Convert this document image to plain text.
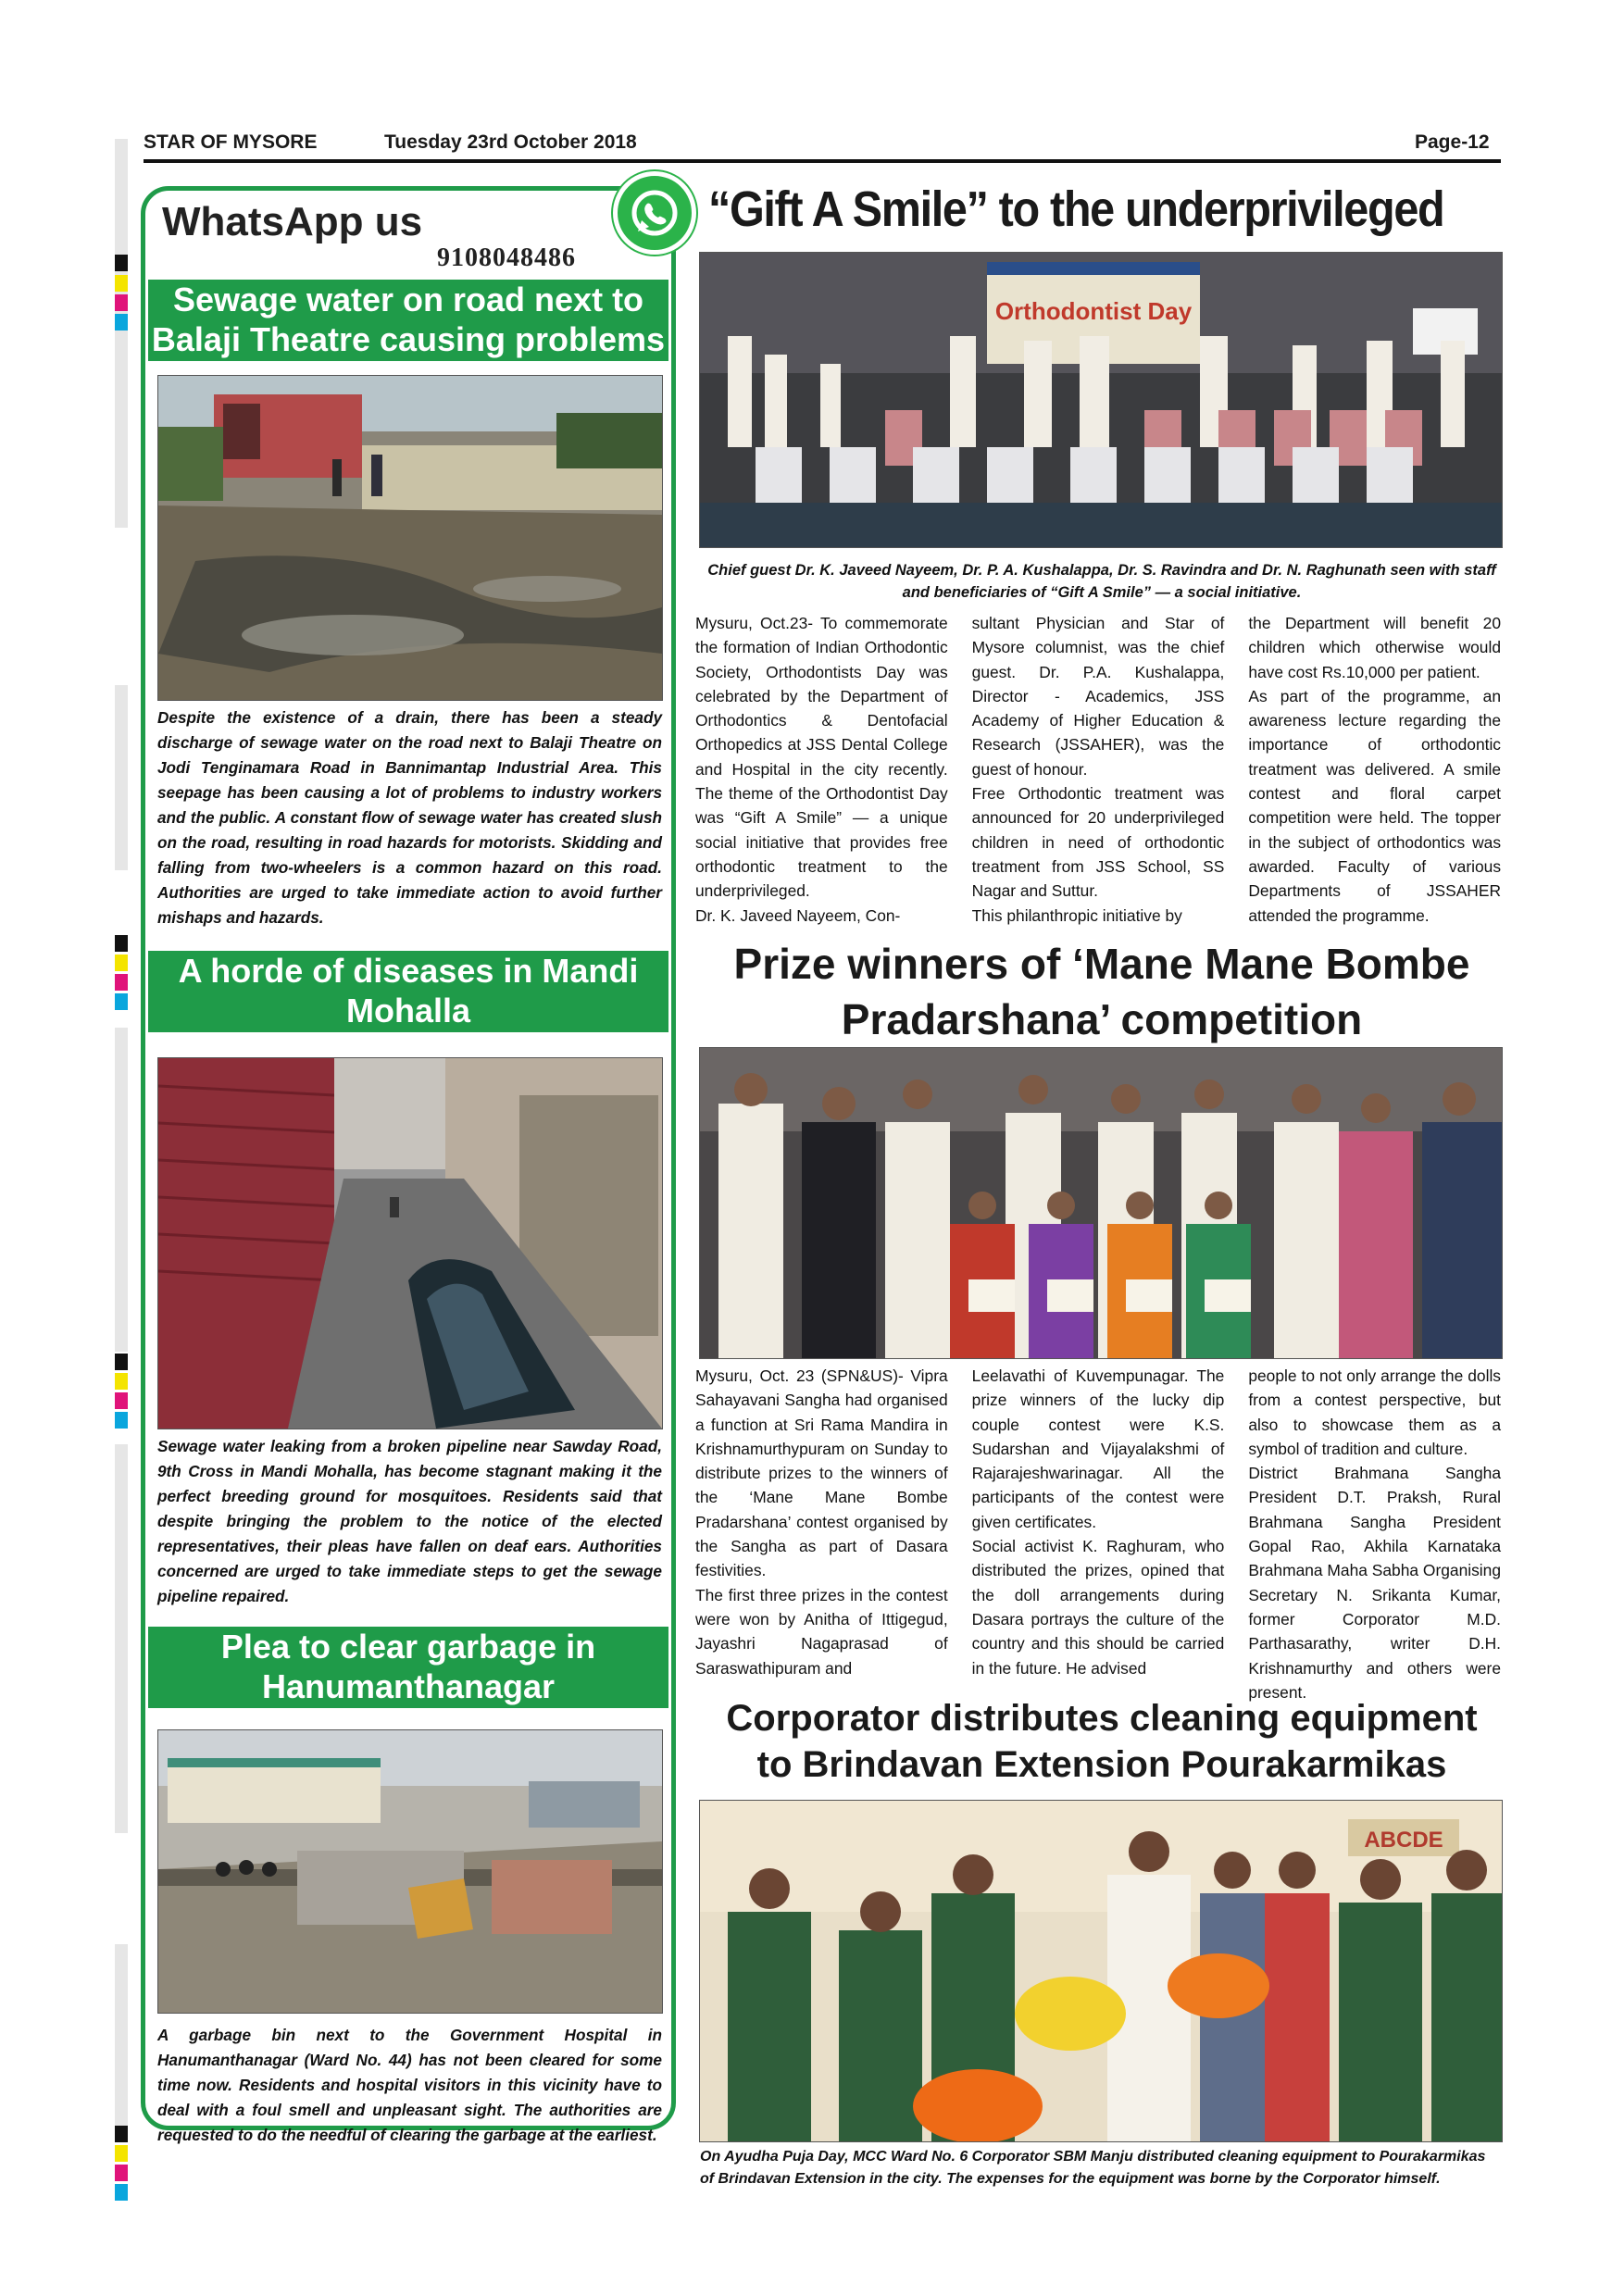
STAR OF MYSORE	Tuesday 23rd October 2018	Page-12
WhatsApp us
9108048486
Sewage water on road next to Balaji Theatre causing problems
Despite the existence of a drain, there has been a steady discharge of sewage water on the road next to Balaji Theatre on Jodi Tenginamara Road in Bannimantap Industrial Area. This seepage has been causing a lot of problems to industry workers and the public. A constant flow of sewage water has created slush on the road, resulting in road hazards for motorists. Skidding and falling from two-wheelers is a common hazard on this road. Authorities are urged to take immediate action to avoid further mishaps and hazards.
A horde of diseases in Mandi Mohalla
Sewage water leaking from a broken pipeline near Sawday Road, 9th Cross in Mandi Mohalla, has become stagnant making it the perfect breeding ground for mosquitoes. Residents said that despite bringing the problem to the notice of the elected representatives, their pleas have fallen on deaf ears. Authorities concerned are urged to take immediate steps to get the sewage pipeline repaired.
Plea to clear garbage in Hanumanthanagar
A garbage bin next to the Government Hospital in Hanumanthanagar (Ward No. 44) has not been cleared for some time now. Residents and hospital visitors in this vicinity have to deal with a foul smell and unpleasant sight. The authorities are requested to do the needful of clearing the garbage at the earliest.
“Gift A Smile” to the underprivileged
Orthodontist Day
Chief guest Dr. K. Javeed Nayeem, Dr. P. A. Kushalappa, Dr. S. Ravindra and Dr. N. Raghunath seen with staff and beneficiaries of “Gift A Smile” — a social initiative.
Mysuru, Oct.23- To commemorate the formation of Indian Orthodontic Society, Orthodontists Day was celebrated by the Department of Orthodontics & Dentofacial Orthopedics at JSS Dental College and Hospital in the city recently. The theme of the Orthodontist Day was “Gift A Smile” — a unique social initiative that provides free orthodontic treatment to the underprivileged.
Dr. K. Javeed Nayeem, Con-
sultant Physician and Star of Mysore columnist, was the chief guest. Dr. P.A. Kushalappa, Director - Academics, JSS Academy of Higher Education & Research (JSSAHER), was the guest of honour.
Free Orthodontic treatment was announced for 20 underprivileged children in need of orthodontic treatment from JSS School, SS Nagar and Suttur.
This philanthropic initiative by
the Department will benefit 20 children which otherwise would have cost Rs.10,000 per patient.
As part of the programme, an awareness lecture regarding the importance of orthodontic treatment was delivered. A smile contest and floral carpet competition were held. The topper in the subject of orthodontics was awarded. Faculty of various Departments of JSSAHER attended the programme.
Prize winners of ‘Mane Mane Bombe
Pradarshana’ competition
Mysuru, Oct. 23 (SPN&US)- Vipra Sahayavani Sangha had organised a function at Sri Rama Mandira in Krishnamurthypuram on Sunday to distribute prizes to the winners of the ‘Mane Mane Bombe Pradarshana’ contest organised by the Sangha as part of Dasara festivities.
The first three prizes in the contest were won by Anitha of Ittigegud, Jayashri Nagaprasad of Saraswathipuram and
Leelavathi of Kuvempunagar. The prize winners of the lucky dip couple contest were K.S. Sudarshan and Vijayalakshmi of Rajarajeshwarinagar. All the participants of the contest were given certificates.
Social activist K. Raghuram, who distributed the prizes, opined that the doll arrangements during Dasara portrays the culture of the country and this should be carried in the future. He advised
people to not only arrange the dolls from a contest perspective, but also to showcase them as a symbol of tradition and culture.
District Brahmana Sangha President D.T. Praksh, Rural Brahmana Sangha President Gopal Rao, Akhila Karnataka Brahmana Maha Sabha Organising Secretary N. Srikanta Kumar, former Corporator M.D. Parthasarathy, writer D.H. Krishnamurthy and others were present.
Corporator distributes cleaning equipment
to Brindavan Extension Pourakarmikas
ABCDE
On Ayudha Puja Day, MCC Ward No. 6 Corporator SBM Manju distributed cleaning equipment to Pourakarmikas of Brindavan Extension in the city. The expenses for the equipment was borne by the Corporator himself.
